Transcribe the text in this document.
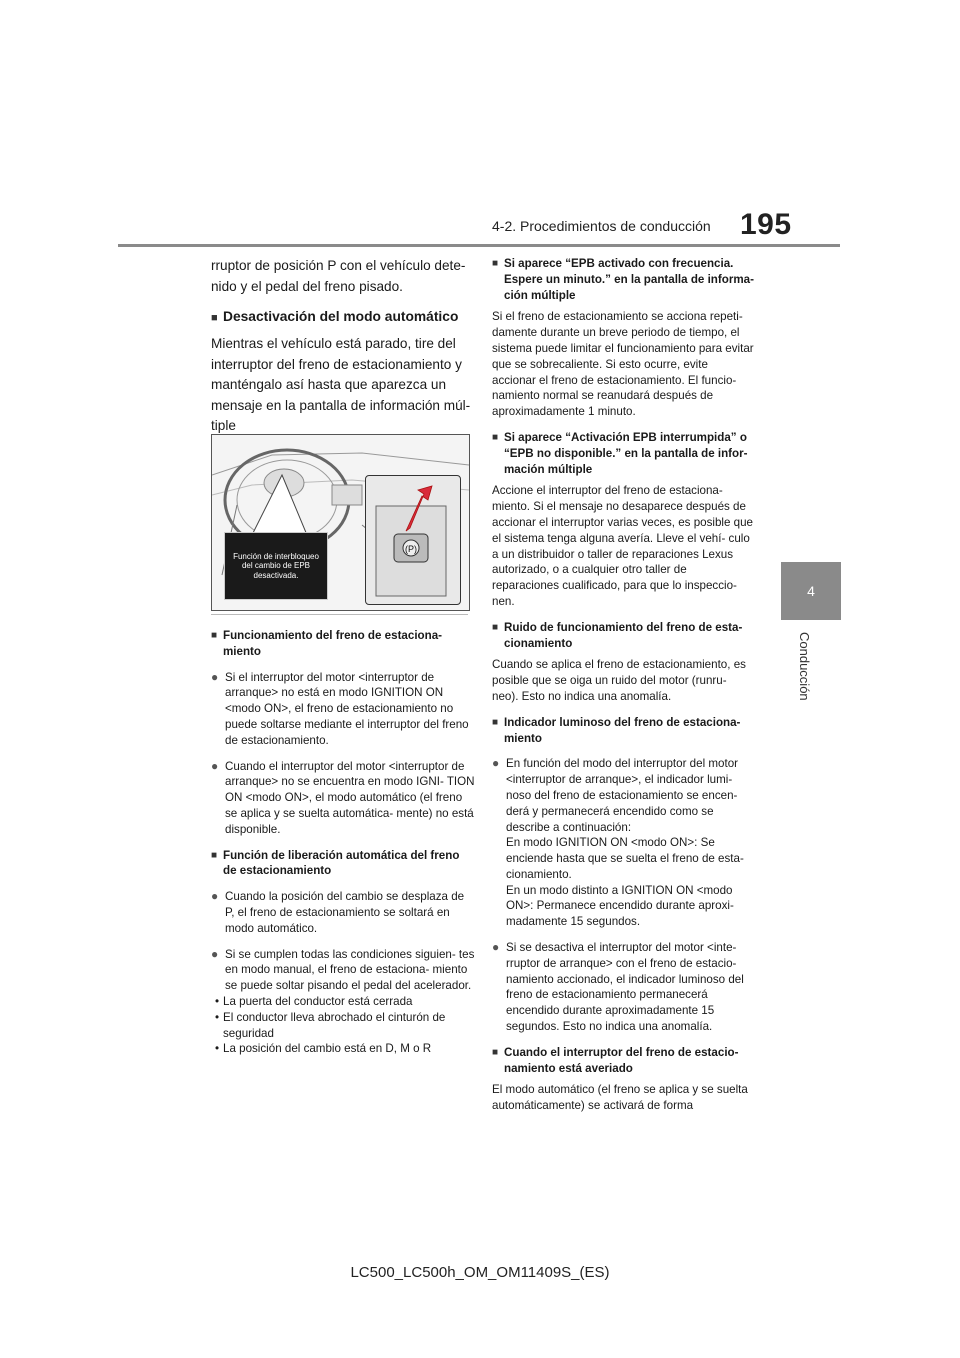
4-2. Procedimientos de conducción 195
4
Conducción

rruptor de posición P con el vehículo dete- nido y el pedal del freno pisado.

■ Desactivación del modo automático

Mientras el vehículo está parado, tire del interruptor del freno de estacionamiento y manténgalo así hasta que aparezca un mensaje en la pantalla de información múl- tiple

Función de interbloqueo del cambio de EPB desactivada.
(P)
■ Funcionamiento del freno de estaciona- miento
● Si el interruptor del motor <interruptor de arranque> no está en modo IGNITION ON <modo ON>, el freno de estacionamiento no puede soltarse mediante el interruptor del freno de estacionamiento.
● Cuando el interruptor del motor <interruptor de arranque> no se encuentra en modo IGNI- TION ON <modo ON>, el modo automático (el freno se aplica y se suelta automática- mente) no está disponible.
■ Función de liberación automática del freno de estacionamiento
● Cuando la posición del cambio se desplaza de P, el freno de estacionamiento se soltará en modo automático.
● Si se cumplen todas las condiciones siguien- tes en modo manual, el freno de estaciona- miento se puede soltar pisando el pedal del acelerador.
• La puerta del conductor está cerrada
• El conductor lleva abrochado el cinturón de seguridad
• La posición del cambio está en D, M o R
■ Si aparece “EPB activado con frecuencia. Espere un minuto.” en la pantalla de informa- ción múltiple

Si el freno de estacionamiento se acciona repeti- damente durante un breve periodo de tiempo, el sistema puede limitar el funcionamiento para evitar que se sobrecaliente. Si esto ocurre, evite accionar el freno de estacionamiento. El funcio- namiento normal se reanudará después de aproximadamente 1 minuto.

■ Si aparece “Activación EPB interrumpida” o “EPB no disponible.” en la pantalla de infor- mación múltiple

Accione el interruptor del freno de estaciona- miento. Si el mensaje no desaparece después de accionar el interruptor varias veces, es posible que el sistema tenga alguna avería. Lleve el vehí- culo a un distribuidor o taller de reparaciones Lexus autorizado, o a cualquier otro taller de reparaciones cualificado, para que lo inspeccio- nen.

■ Ruido de funcionamiento del freno de esta- cionamiento

Cuando se aplica el freno de estacionamiento, es posible que se oiga un ruido del motor (runru- neo). Esto no indica una anomalía.

■ Indicador luminoso del freno de estaciona- miento
● En función del modo del interruptor del motor <interruptor de arranque>, el indicador lumi- noso del freno de estacionamiento se encen- derá y permanecerá encendido como se describe a continuación:
En modo IGNITION ON <modo ON>: Se enciende hasta que se suelta el freno de esta- cionamiento.
En un modo distinto a IGNITION ON <modo ON>: Permanece encendido durante aproxi- madamente 15 segundos.
● Si se desactiva el interruptor del motor <inte- rruptor de arranque> con el freno de estacio- namiento accionado, el indicador luminoso del freno de estacionamiento permanecerá encendido durante aproximadamente 15 segundos. Esto no indica una anomalía.
■ Cuando el interruptor del freno de estacio- namiento está averiado

El modo automático (el freno se aplica y se suelta automáticamente) se activará de forma

LC500_LC500h_OM_OM11409S_(ES)
